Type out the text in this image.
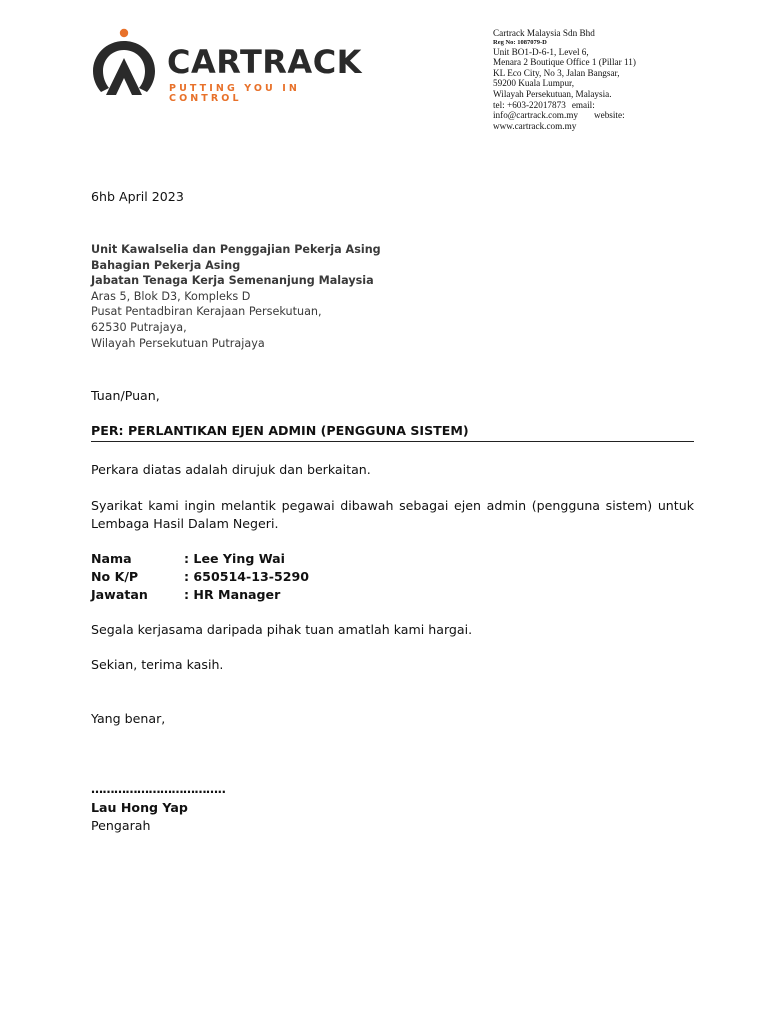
CARTRACK
PUTTING YOU IN CONTROL
Cartrack Malaysia Sdn Bhd
Reg No: 1087079-D
Unit BO1-D-6-1, Level 6,
Menara 2 Boutique Office 1 (Pillar 11)
KL Eco City, No 3, Jalan Bangsar,
59200 Kuala Lumpur,
Wilayah Persekutuan, Malaysia.
tel: +603-22017873 email:
info@cartrack.com.my website:
www.cartrack.com.my
6hb April 2023
Unit Kawalselia dan Penggajian Pekerja Asing
Bahagian Pekerja Asing
Jabatan Tenaga Kerja Semenanjung Malaysia
Aras 5, Blok D3, Kompleks D
Pusat Pentadbiran Kerajaan Persekutuan,
62530 Putrajaya,
Wilayah Persekutuan Putrajaya
Tuan/Puan,
PER: PERLANTIKAN EJEN ADMIN (PENGGUNA SISTEM)
Perkara diatas adalah dirujuk dan berkaitan.
Syarikat kami ingin melantik pegawai dibawah sebagai ejen admin (pengguna sistem) untuk Lembaga Hasil Dalam Negeri.
Nama	: Lee Ying Wai
No K/P	: 650514-13-5290
Jawatan	: HR Manager
Segala kerjasama daripada pihak tuan amatlah kami hargai.
Sekian, terima kasih.
Yang benar,
……………………………..
Lau Hong Yap
Pengarah
